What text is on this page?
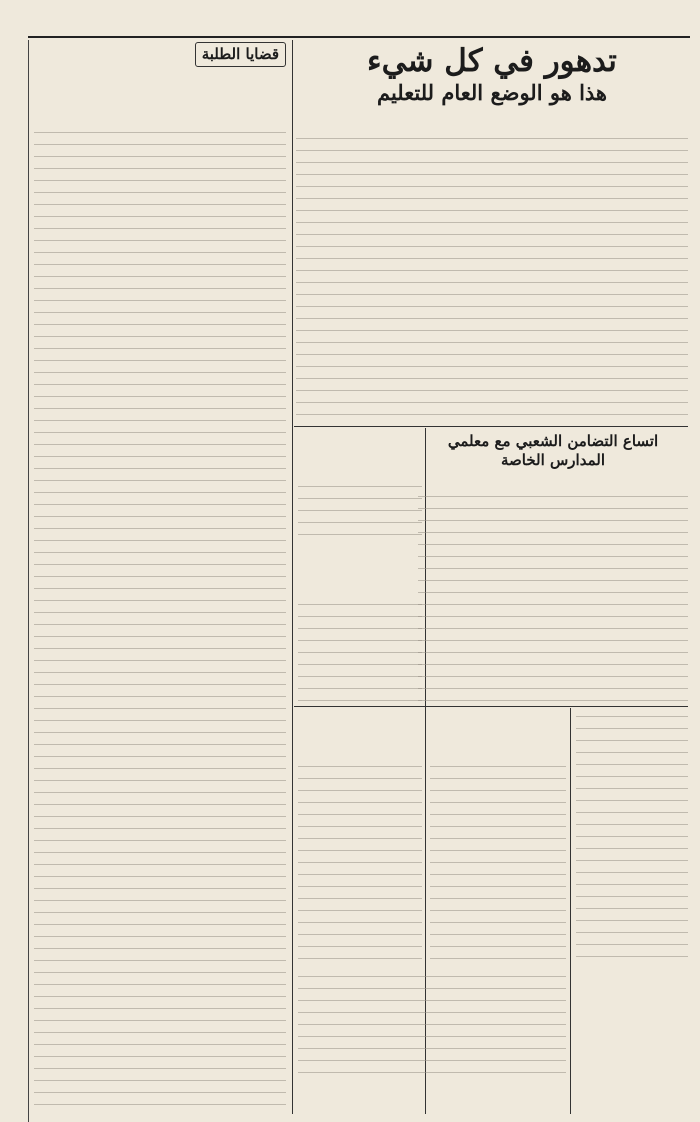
تدهور في كل شيء
هذا هو الوضع العام للتعليم
قضايا الطلبة
اتساع التضامن الشعبي مع معلمي المدارس الخاصة
